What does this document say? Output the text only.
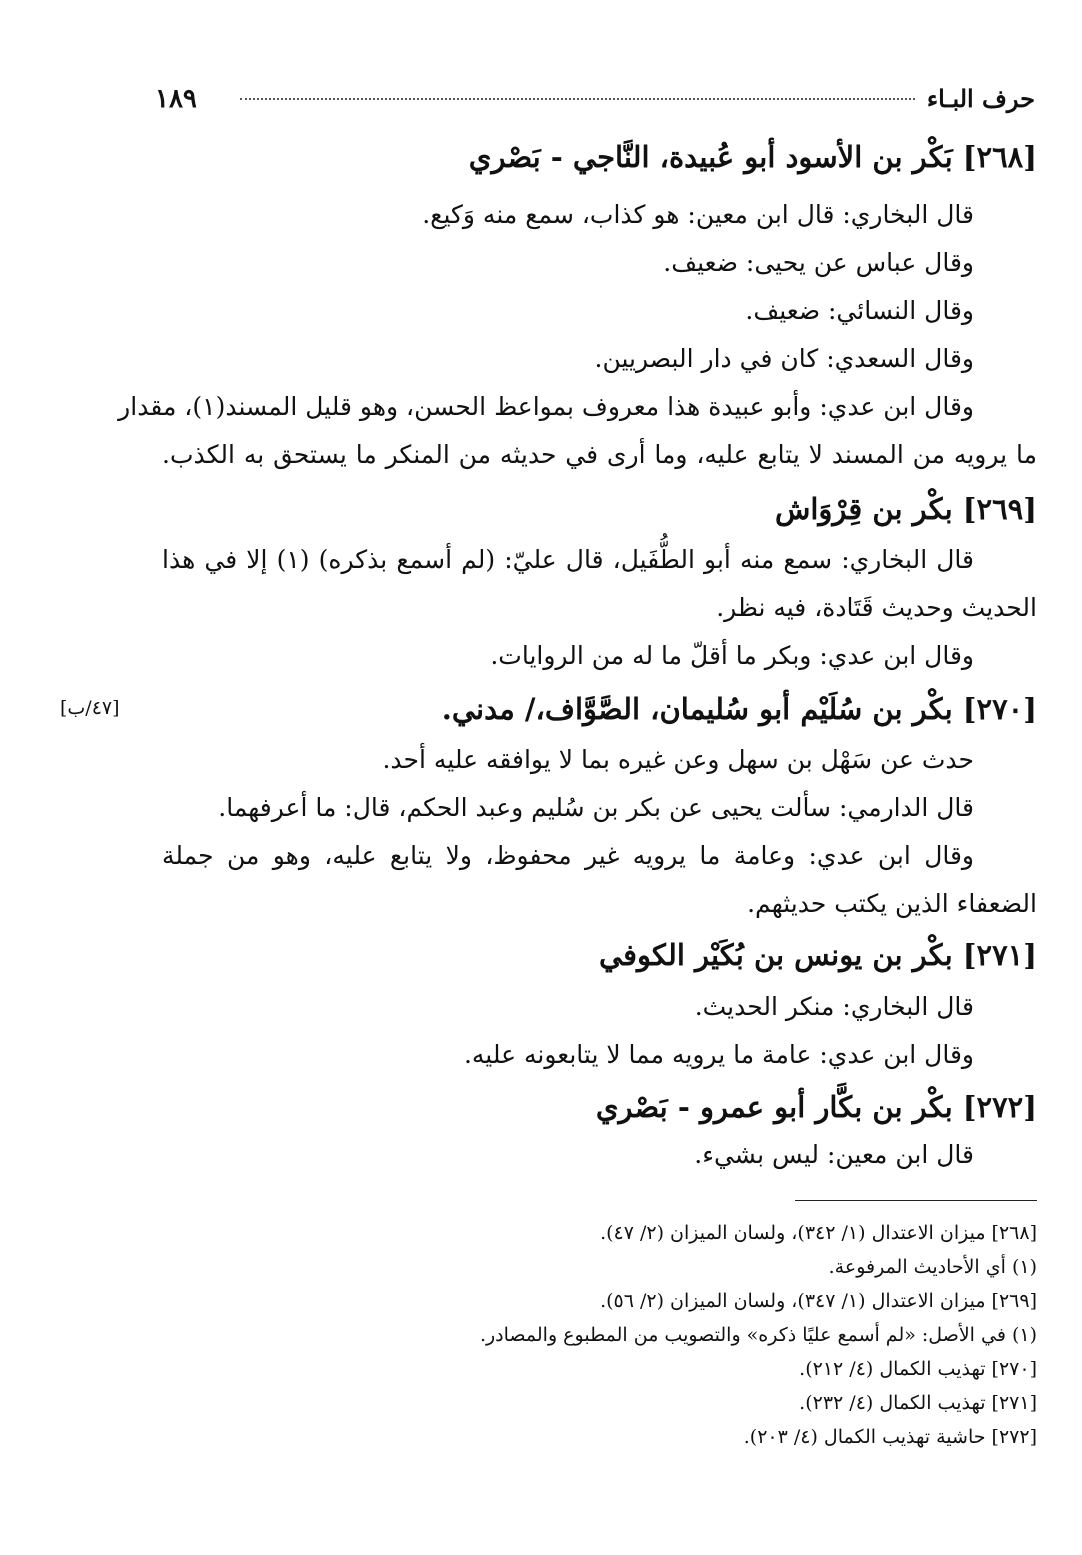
حرف البـاء
١٨٩
[٤٧/ب]
[٢٦٨] بَكْر بن الأسود أبو عُبيدة، النَّاجي - بَصْري
قال البخاري: قال ابن معين: هو كذاب، سمع منه وَكيع.
وقال عباس عن يحيى: ضعيف.
وقال النسائي: ضعيف.
وقال السعدي: كان في دار البصريين.
وقال ابن عدي: وأبو عبيدة هذا معروف بمواعظ الحسن، وهو قليل المسند(١)، مقدار
ما يرويه من المسند لا يتابع عليه، وما أرى في حديثه من المنكر ما يستحق به الكذب.
[٢٦٩] بكْر بن قِرْوَاش
قال البخاري: سمع منه أبو الطُّفَيل، قال عليّ: (لم أسمع بذكره) (١) إلا في هذا
الحديث وحديث قَتَادة، فيه نظر.
وقال ابن عدي: وبكر ما أقلّ ما له من الروايات.
[٢٧٠] بكْر بن سُلَيْم أبو سُليمان، الصَّوَّاف،/ مدني.
حدث عن سَهْل بن سهل وعن غيره بما لا يوافقه عليه أحد.
قال الدارمي: سألت يحيى عن بكر بن سُليم وعبد الحكم، قال: ما أعرفهما.
وقال ابن عدي: وعامة ما يرويه غير محفوظ، ولا يتابع عليه، وهو من جملة
الضعفاء الذين يكتب حديثهم.
[٢٧١] بكْر بن يونس بن بُكَيْر الكوفي
قال البخاري: منكر الحديث.
وقال ابن عدي: عامة ما يرويه مما لا يتابعونه عليه.
[٢٧٢] بكْر بن بكَّار أبو عمرو - بَصْري
قال ابن معين: ليس بشيء.
[٢٦٨] ميزان الاعتدال (١/ ٣٤٢)، ولسان الميزان (٢/ ٤٧).
(١) أي الأحاديث المرفوعة.
[٢٦٩] ميزان الاعتدال (١/ ٣٤٧)، ولسان الميزان (٢/ ٥٦).
(١) في الأصل: «لم أسمع عليًا ذكره» والتصويب من المطبوع والمصادر.
[٢٧٠] تهذيب الكمال (٤/ ٢١٢).
[٢٧١] تهذيب الكمال (٤/ ٢٣٢).
[٢٧٢] حاشية تهذيب الكمال (٤/ ٢٠٣).
